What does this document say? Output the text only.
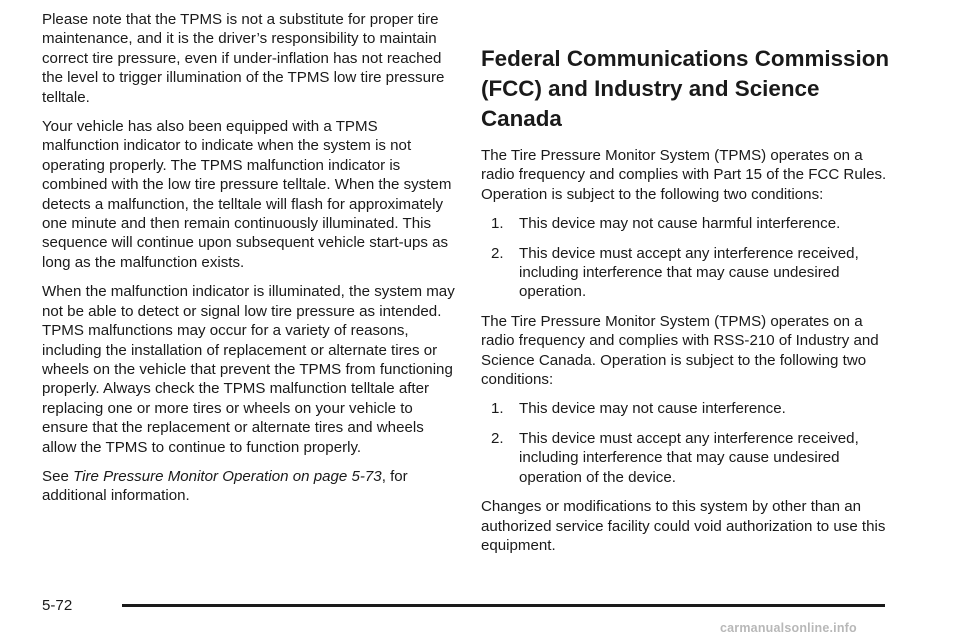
Please note that the TPMS is not a substitute for proper tire maintenance, and it is the driver’s responsibility to maintain correct tire pressure, even if under-inflation has not reached the level to trigger illumination of the TPMS low tire pressure telltale.

Your vehicle has also been equipped with a TPMS malfunction indicator to indicate when the system is not operating properly. The TPMS malfunction indicator is combined with the low tire pressure telltale. When the system detects a malfunction, the telltale will flash for approximately one minute and then remain continuously illuminated. This sequence will continue upon subsequent vehicle start-ups as long as the malfunction exists.

When the malfunction indicator is illuminated, the system may not be able to detect or signal low tire pressure as intended. TPMS malfunctions may occur for a variety of reasons, including the installation of replacement or alternate tires or wheels on the vehicle that prevent the TPMS from functioning properly. Always check the TPMS malfunction telltale after replacing one or more tires or wheels on your vehicle to ensure that the replacement or alternate tires and wheels allow the TPMS to continue to function properly.

See Tire Pressure Monitor Operation on page 5-73, for additional information.

Federal Communications Commission (FCC) and Industry and Science Canada

The Tire Pressure Monitor System (TPMS) operates on a radio frequency and complies with Part 15 of the FCC Rules. Operation is subject to the following two conditions:

1.	This device may not cause harmful interference.
2.	This device must accept any interference received, including interference that may cause undesired operation.

The Tire Pressure Monitor System (TPMS) operates on a radio frequency and complies with RSS-210 of Industry and Science Canada. Operation is subject to the following two conditions:

1.	This device may not cause interference.
2.	This device must accept any interference received, including interference that may cause undesired operation of the device.

Changes or modifications to this system by other than an authorized service facility could void authorization to use this equipment.

5-72
carmanualsonline.info
